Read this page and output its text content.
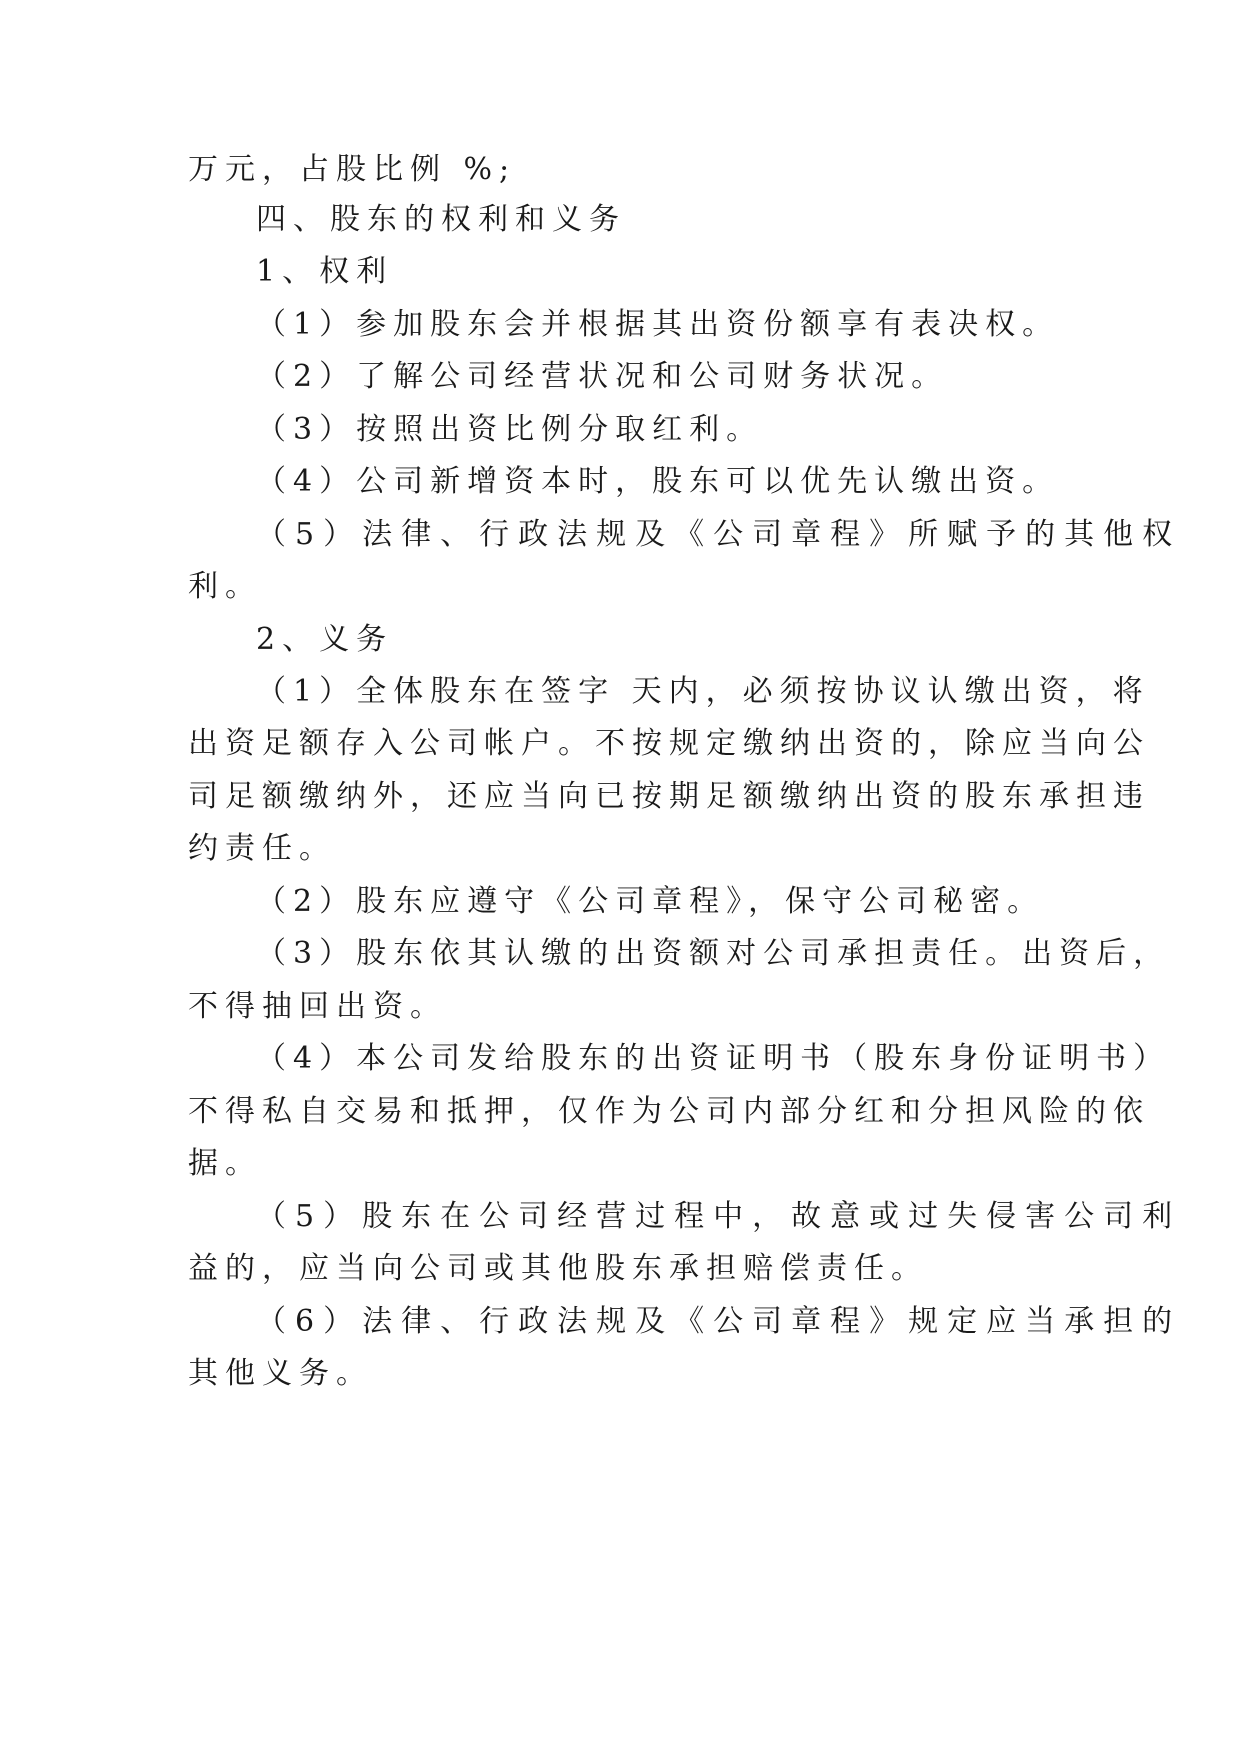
万元，占股比例 %;
四、股东的权利和义务
1、权利
（1）参加股东会并根据其出资份额享有表决权。
（2）了解公司经营状况和公司财务状况。
（3）按照出资比例分取红利。
（4）公司新增资本时，股东可以优先认缴出资。
（5）法律、行政法规及《公司章程》所赋予的其他权
利。
2、义务
（1）全体股东在签字 天内，必须按协议认缴出资，将
出资足额存入公司帐户。不按规定缴纳出资的，除应当向公
司足额缴纳外，还应当向已按期足额缴纳出资的股东承担违
约责任。
（2）股东应遵守《公司章程》，保守公司秘密。
（3）股东依其认缴的出资额对公司承担责任。出资后，
不得抽回出资。
（4）本公司发给股东的出资证明书（股东身份证明书）
不得私自交易和抵押，仅作为公司内部分红和分担风险的依
据。
（5）股东在公司经营过程中，故意或过失侵害公司利
益的，应当向公司或其他股东承担赔偿责任。
（6）法律、行政法规及《公司章程》规定应当承担的
其他义务。
